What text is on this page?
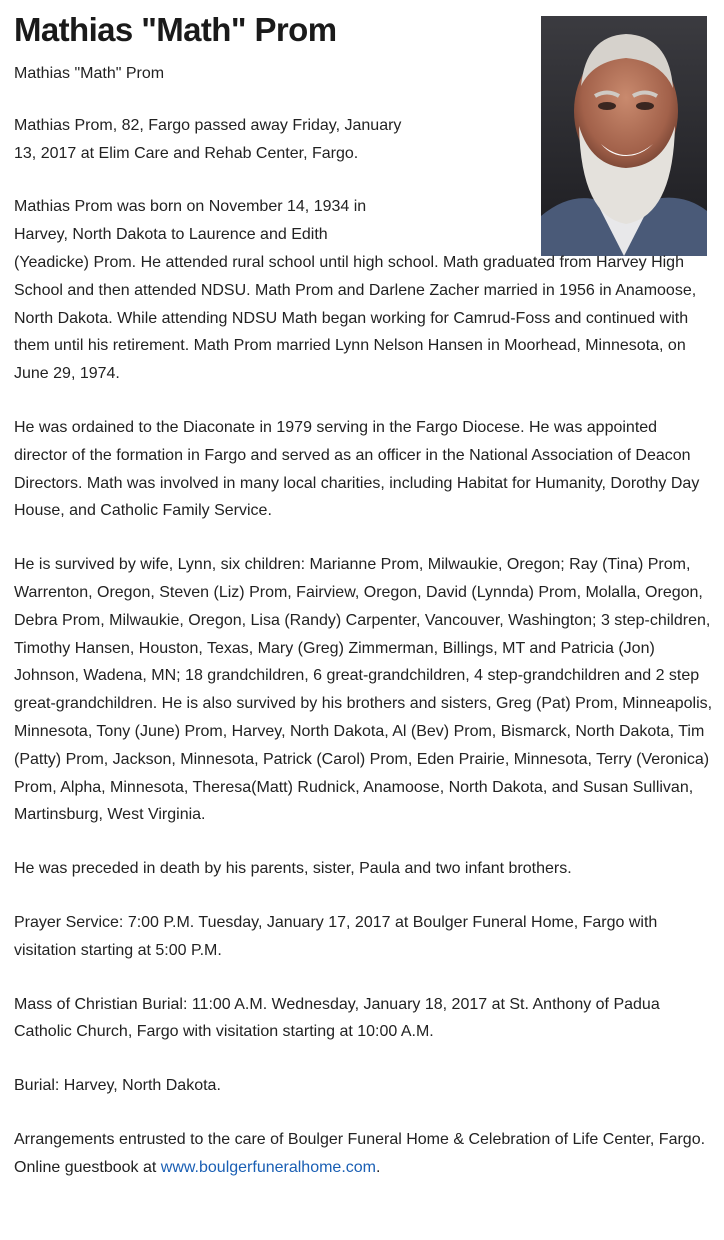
Mathias "Math" Prom

Mathias "Math" Prom

Mathias Prom, 82, Fargo passed away Friday, January 13, 2017 at Elim Care and Rehab Center, Fargo.

Mathias Prom was born on November 14, 1934 in Harvey, North Dakota to Laurence and Edith
(Yeadicke) Prom. He attended rural school until high school. Math graduated from Harvey High School and then attended NDSU. Math Prom and Darlene Zacher married in 1956 in Anamoose, North Dakota. While attending NDSU Math began working for Camrud-Foss and continued with them until his retirement. Math Prom married Lynn Nelson Hansen in Moorhead, Minnesota, on June 29, 1974.

He was ordained to the Diaconate in 1979 serving in the Fargo Diocese. He was appointed director of the formation in Fargo and served as an officer in the National Association of Deacon Directors. Math was involved in many local charities, including Habitat for Humanity, Dorothy Day House, and Catholic Family Service.

He is survived by wife, Lynn, six children: Marianne Prom, Milwaukie, Oregon; Ray (Tina) Prom, Warrenton, Oregon, Steven (Liz) Prom, Fairview, Oregon, David (Lynnda) Prom, Molalla, Oregon, Debra Prom, Milwaukie, Oregon, Lisa (Randy) Carpenter, Vancouver, Washington; 3 step-children, Timothy Hansen, Houston, Texas, Mary (Greg) Zimmerman, Billings, MT and Patricia (Jon) Johnson, Wadena, MN; 18 grandchildren, 6 great-grandchildren, 4 step-grandchildren and 2 step great-grandchildren. He is also survived by his brothers and sisters, Greg (Pat) Prom, Minneapolis, Minnesota, Tony (June) Prom, Harvey, North Dakota, Al (Bev) Prom, Bismarck, North Dakota, Tim (Patty) Prom, Jackson, Minnesota, Patrick (Carol) Prom, Eden Prairie, Minnesota, Terry (Veronica) Prom, Alpha, Minnesota, Theresa(Matt) Rudnick, Anamoose, North Dakota, and Susan Sullivan, Martinsburg, West Virginia.

He was preceded in death by his parents, sister, Paula and two infant brothers.

Prayer Service: 7:00 P.M. Tuesday, January 17, 2017 at Boulger Funeral Home, Fargo with visitation starting at 5:00 P.M.

Mass of Christian Burial: 11:00 A.M. Wednesday, January 18, 2017 at St. Anthony of Padua Catholic Church, Fargo with visitation starting at 10:00 A.M.

Burial: Harvey, North Dakota.

Arrangements entrusted to the care of Boulger Funeral Home & Celebration of Life Center, Fargo. Online guestbook at www.boulgerfuneralhome.com.
